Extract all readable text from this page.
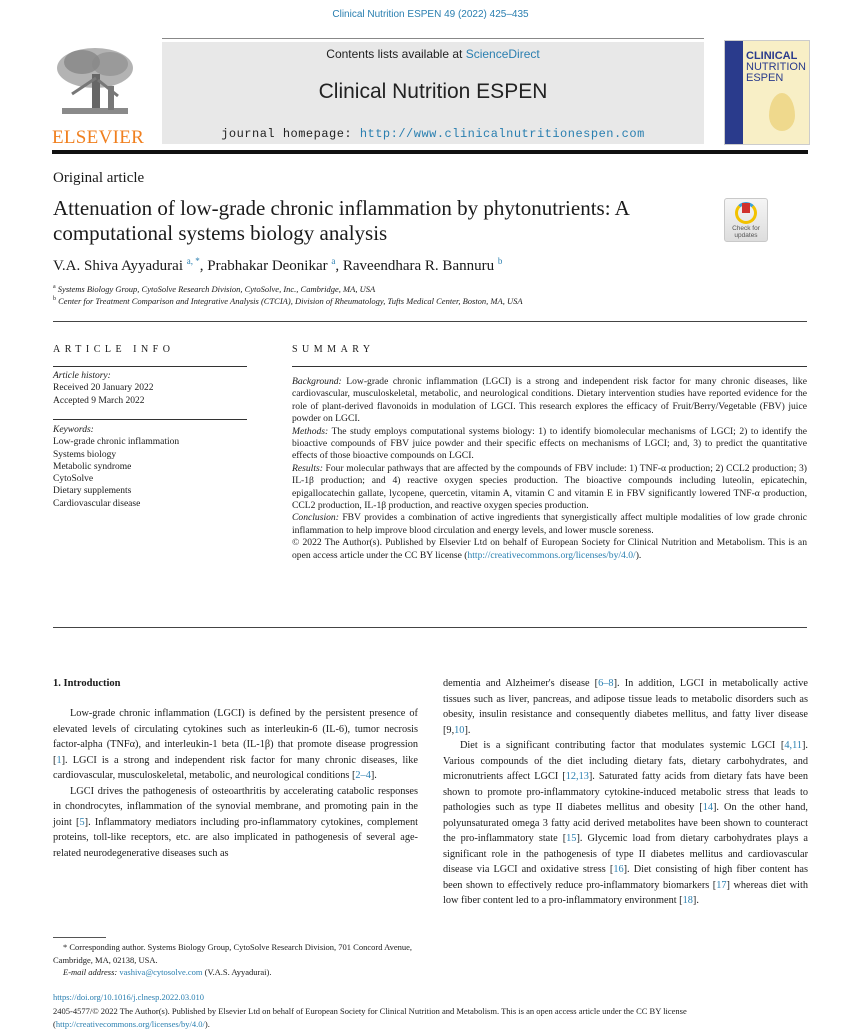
Clinical Nutrition ESPEN 49 (2022) 425–435
ELSEVIER
Contents lists available at ScienceDirect
Clinical Nutrition ESPEN
journal homepage: http://www.clinicalnutritionespen.com
CLINICAL
NUTRITION
ESPEN
Original article
Attenuation of low-grade chronic inflammation by phytonutrients: A computational systems biology analysis	Check for
updates
V.A. Shiva Ayyadurai $^{a, *}$, Prabhakar Deonikar $^a$, Raveendhara R. Bannuru $^b$
$^a$ Systems Biology Group, CytoSolve Research Division, CytoSolve, Inc., Cambridge, MA, USA
$^b$ Center for Treatment Comparison and Integrative Analysis (CTCIA), Division of Rheumatology, Tufts Medical Center, Boston, MA, USA
ARTICLE INFO
Article history:
Received 20 January 2022
Accepted 9 March 2022
Keywords:
Low-grade chronic inflammation
Systems biology
Metabolic syndrome
CytoSolve
Dietary supplements
Cardiovascular disease
SUMMARY

Background: Low-grade chronic inflammation (LGCI) is a strong and independent risk factor for many chronic diseases, like cardiovascular, musculoskeletal, metabolic, and neurological conditions. Dietary intervention studies have reported evidence for the role of plant-derived flavonoids in modulation of LGCI. This research explores the efficacy of Fruit/Berry/Vegetable (FBV) juice powder on LGCI.

Methods: The study employs computational systems biology: 1) to identify biomolecular mechanisms of LGCI; 2) to identify the bioactive compounds of FBV juice powder and their specific effects on mechanisms of LGCI; and, 3) to predict the quantitative effects of those bioactive compounds on LGCI.

Results: Four molecular pathways that are affected by the compounds of FBV include: 1) TNF-α production; 2) CCL2 production; 3) IL-1β production; and 4) reactive oxygen species production. The bioactive compounds including luteolin, epicatechin, epigallocatechin gallate, lycopene, quercetin, vitamin A, vitamin C and vitamin E in FBV significantly lowered TNF-α production, CCL2 production, IL-1β production, and reactive oxygen species production.

Conclusion: FBV provides a combination of active ingredients that synergistically affect multiple modalities of low grade chronic inflammation to help improve blood circulation and energy levels, and lower muscle soreness.

© 2022 The Author(s). Published by Elsevier Ltd on behalf of European Society for Clinical Nutrition and Metabolism. This is an open access article under the CC BY license (http://creativecommons.org/licenses/by/4.0/).

1. Introduction

Low-grade chronic inflammation (LGCI) is defined by the persistent presence of elevated levels of circulating cytokines such as interleukin-6 (IL-6), tumor necrosis factor-alpha (TNFα), and interleukin-1 beta (IL-1β) that promote disease progression [1]. LGCI is a strong and independent risk factor for many chronic diseases, like cardiovascular, musculoskeletal, metabolic, and neurological conditions [2–4].

LGCI drives the pathogenesis of osteoarthritis by accelerating catabolic responses in chondrocytes, inflammation of the synovial membrane, and promoting pain in the joint [5]. Inflammatory mediators including pro-inflammatory cytokines, complement proteins, toll-like receptors, etc. are also implicated in pathogenesis of several age-related neurodegenerative diseases such as

dementia and Alzheimer's disease [6–8]. In addition, LGCI in metabolically active tissues such as liver, pancreas, and adipose tissue leads to metabolic disorders such as obesity, insulin resistance and consequently diabetes mellitus, and fatty liver disease [9,10].

Diet is a significant contributing factor that modulates systemic LGCI [4,11]. Various compounds of the diet including dietary fats, dietary carbohydrates, and micronutrients affect LGCI [12,13]. Saturated fatty acids from dietary fats have been shown to promote pro-inflammatory cytokine-induced metabolic stress that leads to pathologies such as type II diabetes mellitus and obesity [14]. On the other hand, polyunsaturated omega 3 fatty acid derived metabolites have been shown to counteract the pro-inflammatory state [15]. Glycemic load from dietary carbohydrates plays a significant role in the pathogenesis of type II diabetes mellitus and cardiovascular disease via LGCI and oxidative stress [16]. Diet consisting of high fiber content has been shown to effectively reduce pro-inflammatory biomarkers [17] whereas diet with low fiber content led to a pro-inflammatory environment [18].

* Corresponding author. Systems Biology Group, CytoSolve Research Division, 701 Concord Avenue, Cambridge, MA, 02138, USA.
E-mail address: vashiva@cytosolve.com (V.A.S. Ayyadurai).
https://doi.org/10.1016/j.clnesp.2022.03.010
2405-4577/© 2022 The Author(s). Published by Elsevier Ltd on behalf of European Society for Clinical Nutrition and Metabolism. This is an open access article under the CC BY license (http://creativecommons.org/licenses/by/4.0/).
